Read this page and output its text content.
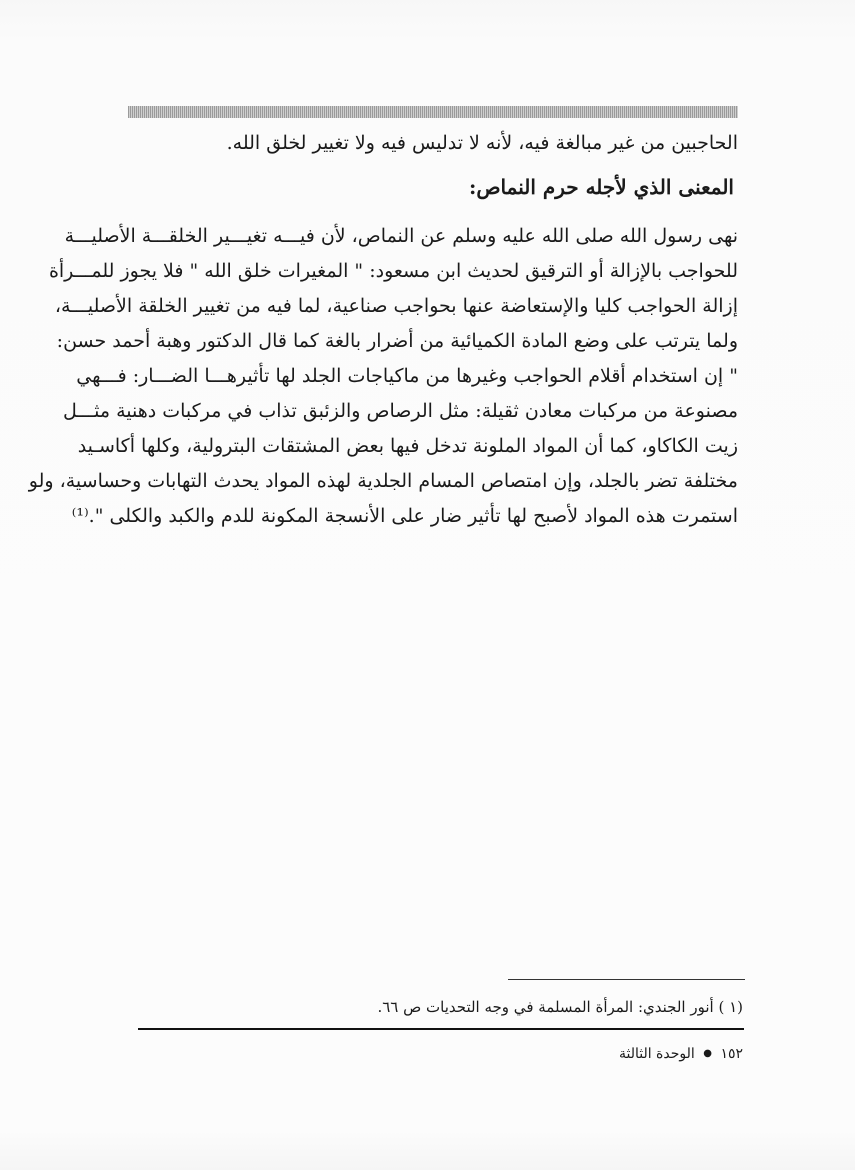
الحاجبين من غير مبالغة فيه، لأنه لا تدليس فيه ولا تغيير لخلق الله.
المعنى الذي لأجله حرم النماص:
نهى رسول الله صلى الله عليه وسلم عن النماص، لأن فيـــه تغيـــير الخلقـــة الأصليـــة
للحواجب بالإزالة أو الترقيق لحديث ابن مسعود: " المغيرات خلق الله " فلا يجوز للمـــرأة
إزالة الحواجب كليا والإستعاضة عنها بحواجب صناعية، لما فيه من تغيير الخلقة الأصليـــة،
ولما يترتب على وضع المادة الكميائية من أضرار بالغة كما قال الدكتور وهبة أحمد حسن:
" إن استخدام أقلام الحواجب وغيرها من ماكياجات الجلد لها تأثيرهـــا الضـــار: فـــهي
مصنوعة من مركبات معادن ثقيلة: مثل الرصاص والزئبق تذاب في مركبات دهنية مثـــل
زيت الكاكاو، كما أن المواد الملونة تدخل فيها بعض المشتقات البترولية، وكلها أكاسـيد
مختلفة تضر بالجلد، وإن امتصاص المسام الجلدية لهذه المواد يحدث التهابات وحساسية، ولو
استمرت هذه المواد لأصبح لها تأثير ضار على الأنسجة المكونة للدم والكبد والكلى ".⁽¹⁾
(١ ) أنور الجندي: المرأة المسلمة في وجه التحديات ص ٦٦.
١٥٢ ● الوحدة الثالثة
